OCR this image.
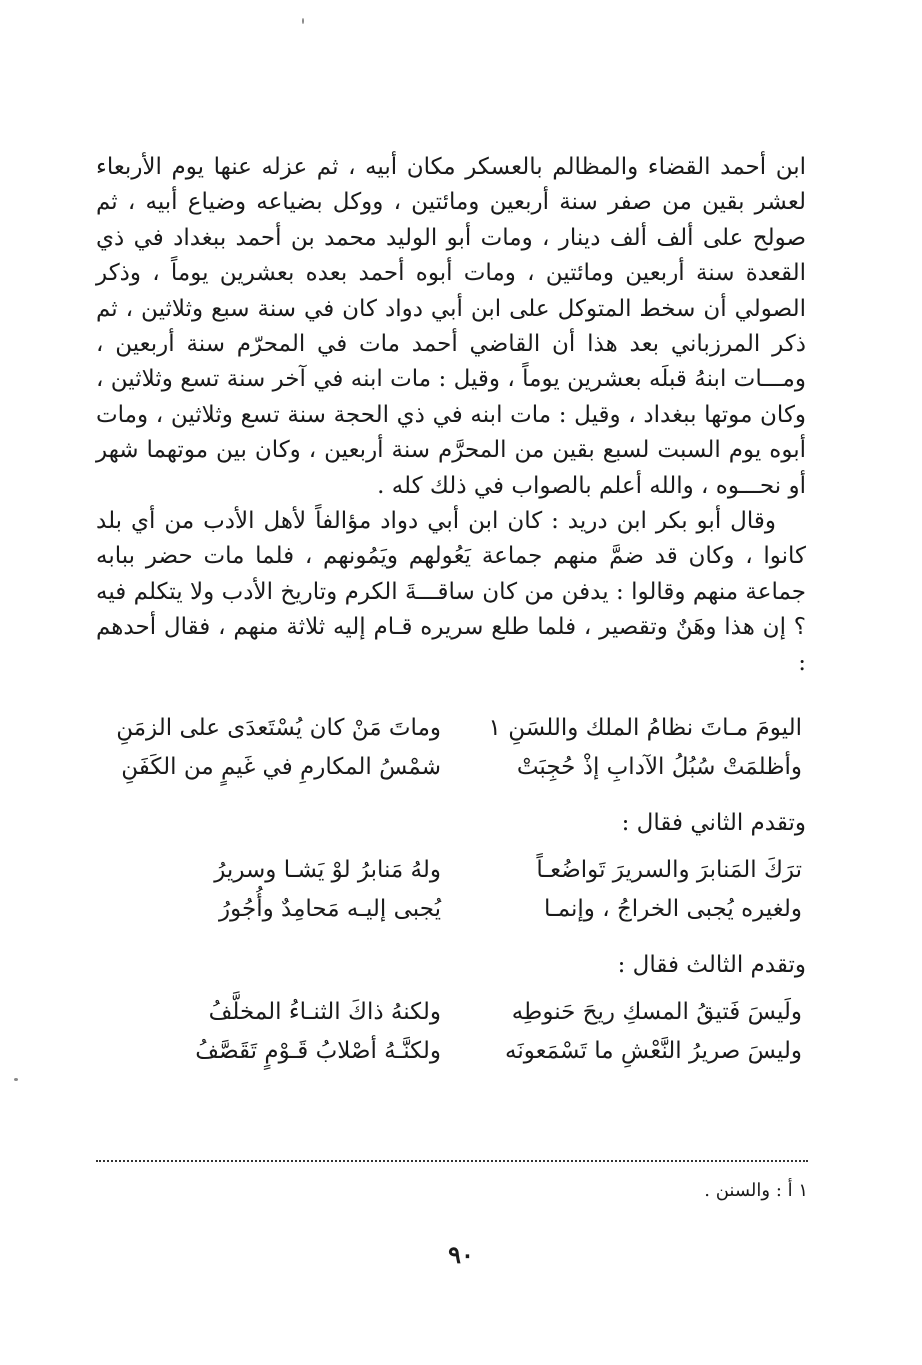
ابن أحمد القضاء والمظالم بالعسكر مكان أبيه ، ثم عزله عنها يوم الأربعاء لعشر بقين من صفر سنة أربعين ومائتين ، ووكل بضياعه وضياع أبيه ، ثم صولح على ألف ألف دينار ، ومات أبو الوليد محمد بن أحمد ببغداد في ذي القعدة سنة أربعين ومائتين ، ومات أبوه أحمد بعده بعشرين يوماً ، وذكر الصولي أن سخط المتوكل على ابن أبي دواد كان في سنة سبع وثلاثين ، ثم ذكر المرزباني بعد هذا أن القاضي أحمد مات في المحرّم سنة أربعين ، ومـــات ابنهُ قبلَه بعشرين يوماً ، وقيل : مات ابنه في آخر سنة تسع وثلاثين ، وكان موتها ببغداد ، وقيل : مات ابنه في ذي الحجة سنة تسع وثلاثين ، ومات أبوه يوم السبت لسبع بقين من المحرَّم سنة أربعين ، وكان بين موتهما شهر أو نحـــوه ، والله أعلم بالصواب في ذلك كله .

وقال أبو بكر ابن دريد : كان ابن أبي دواد مؤالفاً لأهل الأدب من أي بلد كانوا ، وكان قد ضمَّ منهم جماعة يَعُولهم ويَمُونهم ، فلما مات حضر ببابه جماعة منهم وقالوا : يدفن من كان ساقـــةَ الكرم وتاريخ الأدب ولا يتكلم فيه ؟ إن هذا وهَنٌ وتقصير ، فلما طلع سريره قـام إليه ثلاثة منهم ، فقال أحدهم :

اليومَ مـاتَ نظامُ الملك واللسَنِ ١
وماتَ مَنْ كان يُسْتَعدَى على الزمَنِ
وأظلمَتْ سُبُلُ الآدابِ إذْ حُجِبَتْ
شمْسُ المكارمِ في غَيمٍ من الكَفَنِ
وتقدم الثاني فقال :
ترَكَ المَنابرَ والسريرَ تَواضُعـاً
ولهُ مَنابرُ لوْ يَشـا وسريرُ
ولغيره يُجبى الخراجُ ، وإنمـا
يُجبى إليـه مَحامِدٌ وأُجُورُ
وتقدم الثالث فقال :
ولَيسَ فَتيقُ المسكِ ريحَ حَنوطِه
ولكنهُ ذاكَ الثنـاءُ المخلَّفُ
وليسَ صريرُ النَّعْشِ ما تَسْمَعونَه
ولكنَّـهُ أصْلابُ قَـوْمٍ تَقَصَّفُ
١ أ : والسنن .
٩٠
